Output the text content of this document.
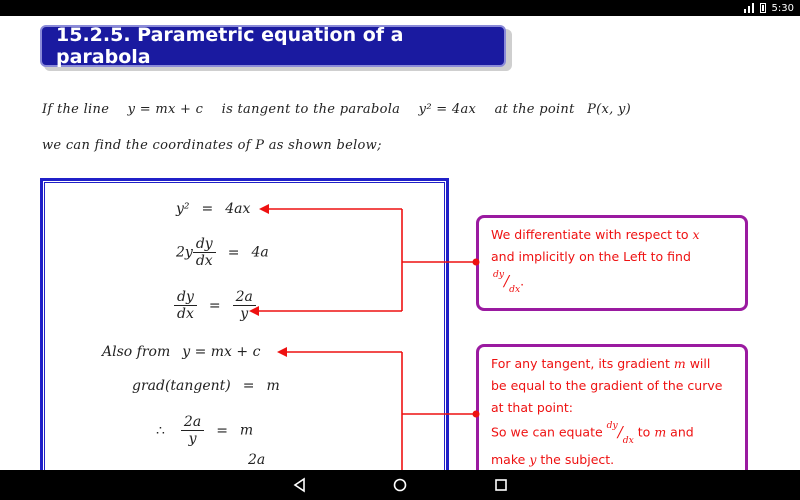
5:30
15.2.5. Parametric equation of a parabola
If the line y = mx + c is tangent to the parabola y² = 4ax at the point P(x, y)
we can find the coordinates of P as shown below;
y² = 4ax
$2y \frac{dy}{dx} = 4a$
$\frac{dy}{dx} = \frac{2a}{y}$
Also from y = mx + c
grad(tangent) = m
∴ $\frac{2a}{y} = m$
2a
We differentiate with respect to x
and implicitly on the Left to find
$^{dy}/_{dx}$.
For any tangent, its gradient m will
be equal to the gradient of the curve
at that point:
So we can equate $^{dy}/_{dx}$ to m and
make y the subject.
